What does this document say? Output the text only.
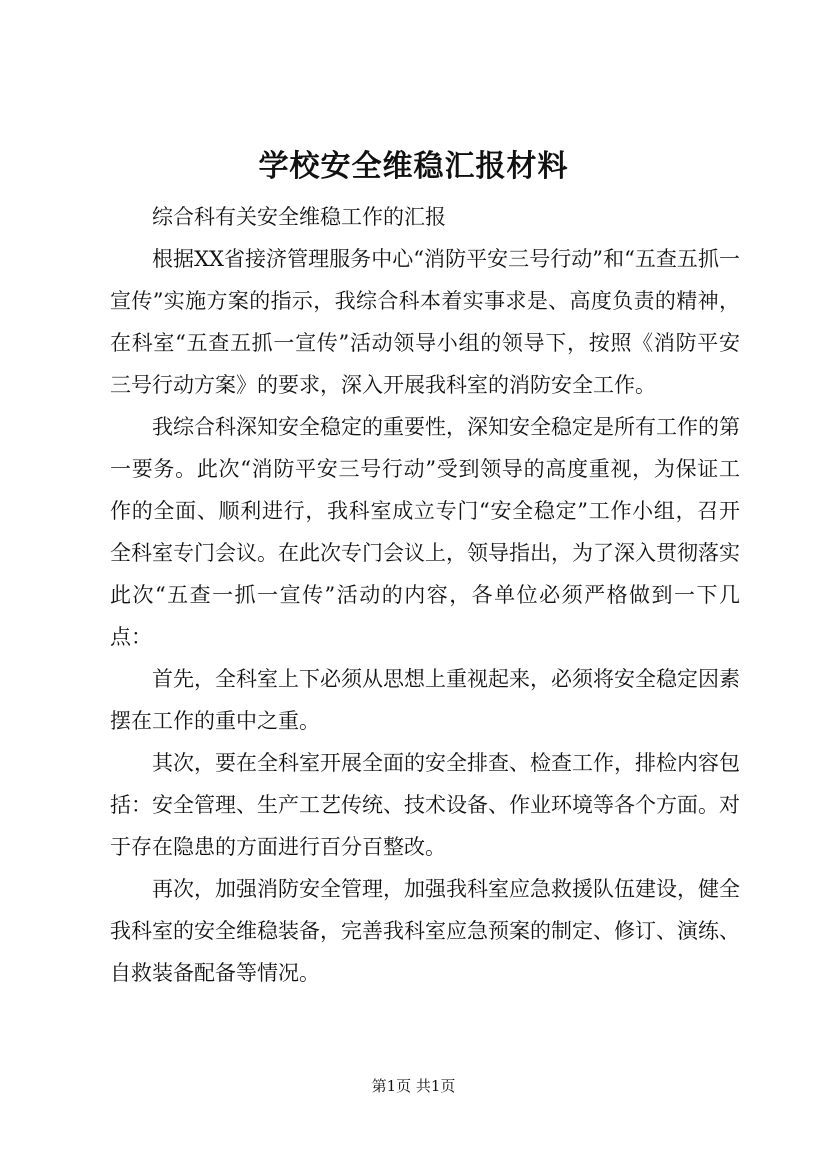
学校安全维稳汇报材料

综合科有关安全维稳工作的汇报

根据XX省接济管理服务中心“消防平安三号行动”和“五查五抓一宣传”实施方案的指示，我综合科本着实事求是、高度负责的精神，在科室“五查五抓一宣传”活动领导小组的领导下，按照《消防平安三号行动方案》的要求，深入开展我科室的消防安全工作。

我综合科深知安全稳定的重要性，深知安全稳定是所有工作的第一要务。此次“消防平安三号行动”受到领导的高度重视，为保证工作的全面、顺利进行，我科室成立专门“安全稳定”工作小组，召开全科室专门会议。在此次专门会议上，领导指出，为了深入贯彻落实此次“五查一抓一宣传”活动的内容，各单位必须严格做到一下几点：

首先，全科室上下必须从思想上重视起来，必须将安全稳定因素摆在工作的重中之重。

其次，要在全科室开展全面的安全排查、检查工作，排检内容包括：安全管理、生产工艺传统、技术设备、作业环境等各个方面。对于存在隐患的方面进行百分百整改。

再次，加强消防安全管理，加强我科室应急救援队伍建设，健全我科室的安全维稳装备，完善我科室应急预案的制定、修订、演练、自救装备配备等情况。

第1页 共1页
